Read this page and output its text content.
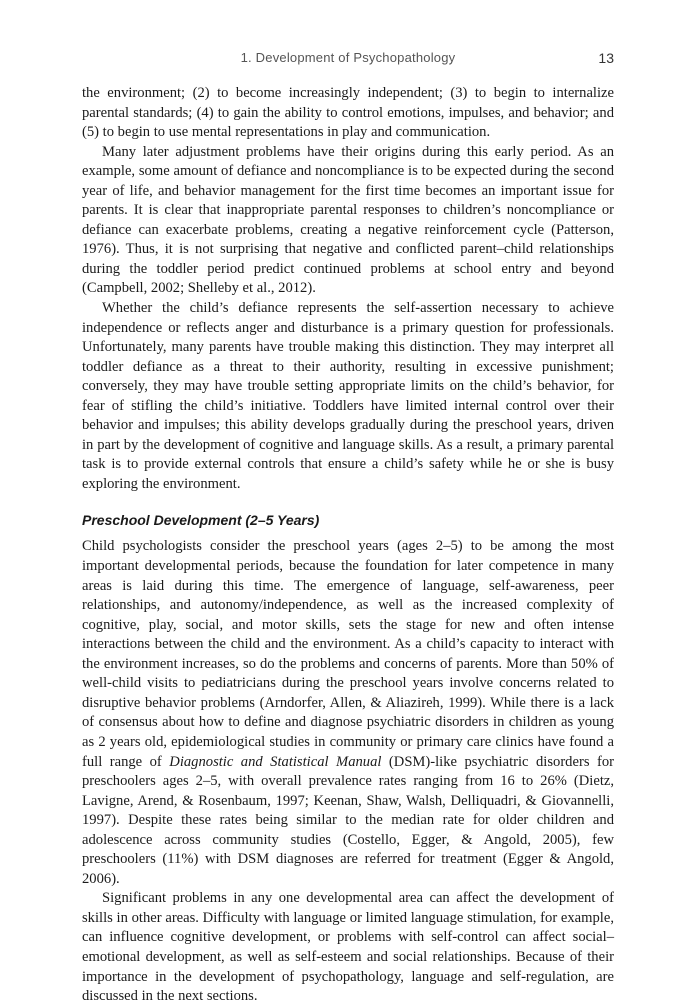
1. Development of Psychopathology	13

the environment; (2) to become increasingly independent; (3) to begin to internalize parental standards; (4) to gain the ability to control emotions, impulses, and behavior; and (5) to begin to use mental representations in play and communication.

Many later adjustment problems have their origins during this early period. As an example, some amount of defiance and noncompliance is to be expected during the second year of life, and behavior management for the first time becomes an important issue for parents. It is clear that inappropriate parental responses to children’s noncompliance or defiance can exacerbate problems, creating a negative reinforcement cycle (Patterson, 1976). Thus, it is not surprising that negative and conflicted parent–child relationships during the toddler period predict continued problems at school entry and beyond (Campbell, 2002; Shelleby et al., 2012).

Whether the child’s defiance represents the self-assertion necessary to achieve independence or reflects anger and disturbance is a primary question for professionals. Unfortunately, many parents have trouble making this distinction. They may interpret all toddler defiance as a threat to their authority, resulting in excessive punishment; conversely, they may have trouble setting appropriate limits on the child’s behavior, for fear of stifling the child’s initiative. Toddlers have limited internal control over their behavior and impulses; this ability develops gradually during the preschool years, driven in part by the development of cognitive and language skills. As a result, a primary parental task is to provide external controls that ensure a child’s safety while he or she is busy exploring the environment.

Preschool Development (2–5 Years)

Child psychologists consider the preschool years (ages 2–5) to be among the most important developmental periods, because the foundation for later competence in many areas is laid during this time. The emergence of language, self-awareness, peer relationships, and autonomy/independence, as well as the increased complexity of cognitive, play, social, and motor skills, sets the stage for new and often intense interactions between the child and the environment. As a child’s capacity to interact with the environment increases, so do the problems and concerns of parents. More than 50% of well-child visits to pediatricians during the preschool years involve concerns related to disruptive behavior problems (Arndorfer, Allen, & Aliazireh, 1999). While there is a lack of consensus about how to define and diagnose psychiatric disorders in children as young as 2 years old, epidemiological studies in community or primary care clinics have found a full range of Diagnostic and Statistical Manual (DSM)-like psychiatric disorders for preschoolers ages 2–5, with overall prevalence rates ranging from 16 to 26% (Dietz, Lavigne, Arend, & Rosenbaum, 1997; Keenan, Shaw, Walsh, Delliquadri, & Giovannelli, 1997). Despite these rates being similar to the median rate for older children and adolescence across community studies (Costello, Egger, & Angold, 2005), few preschoolers (11%) with DSM diagnoses are referred for treatment (Egger & Angold, 2006).

Significant problems in any one developmental area can affect the development of skills in other areas. Difficulty with language or limited language stimulation, for example, can influence cognitive development, or problems with self-control can affect social–emotional development, as well as self-esteem and social relationships. Because of their importance in the development of psychopathology, language and self-regulation, are discussed in the next sections.
